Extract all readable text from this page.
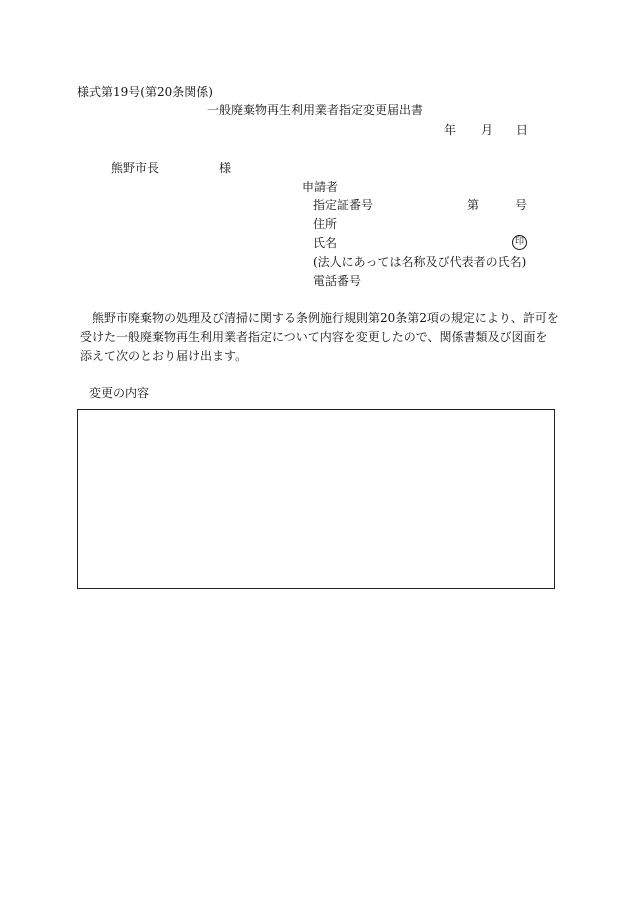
様式第19号(第20条関係)
一般廃棄物再生利用業者指定変更届出書
年 月 日
熊野市長	様
申請者
指定証番号	第	号
住所
氏名	印
(法人にあっては名称及び代表者の氏名)
電話番号
　熊野市廃棄物の処理及び清掃に関する条例施行規則第20条第2項の規定により、許可を
受けた一般廃棄物再生利用業者指定について内容を変更したので、関係書類及び図面を
添えて次のとおり届け出ます。
変更の内容
